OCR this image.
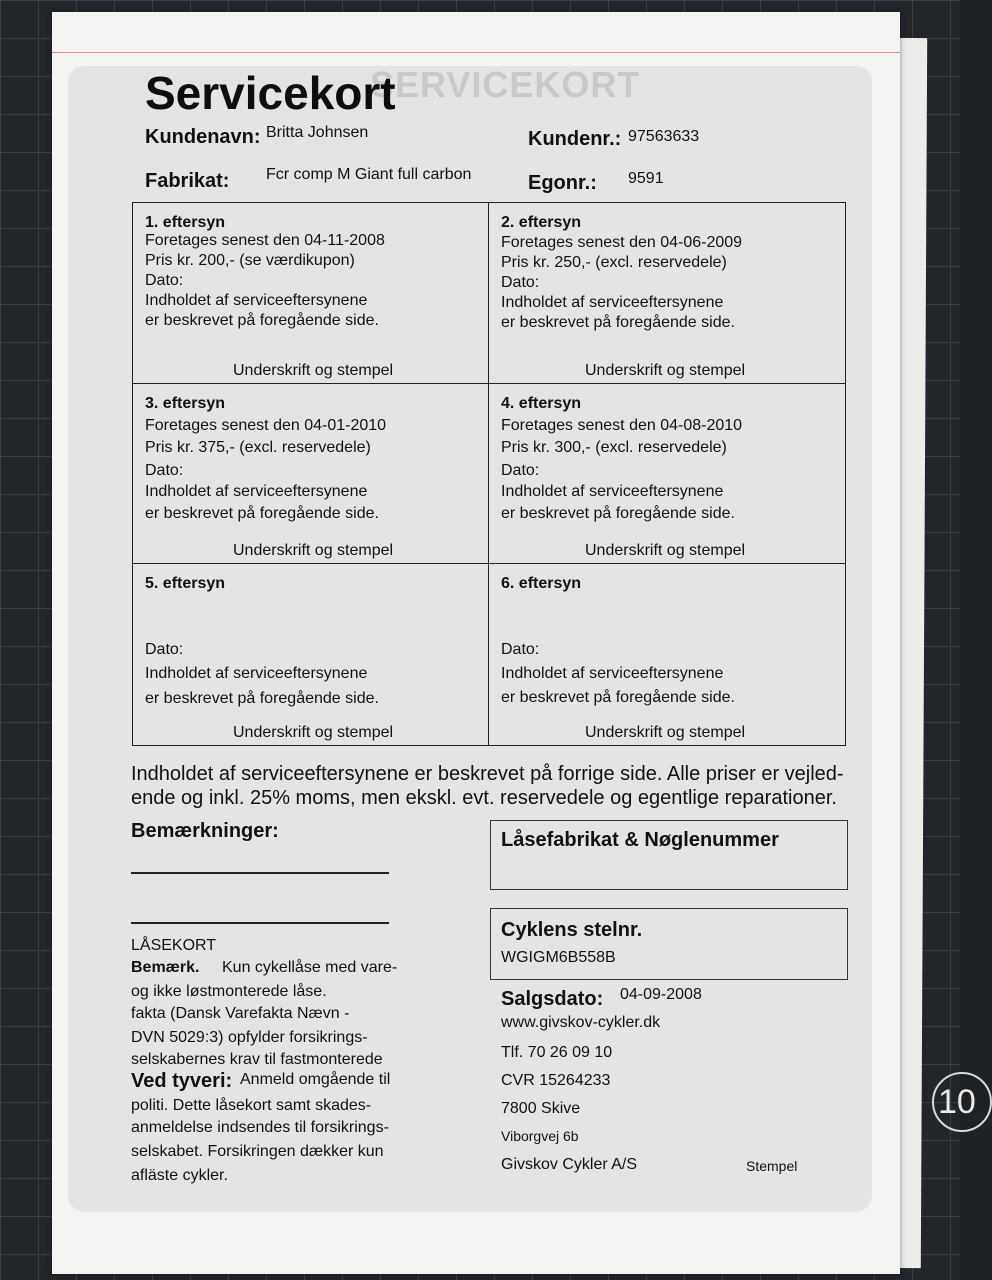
10
SERVICEKORT
Servicekort
Kundenavn: Britta Johnsen	Kundenr.: 97563633
Fabrikat: Fcr comp M Giant full carbon	Egonr.: 9591
1. eftersyn
Foretages senest den 04-11-2008
Pris kr. 200,- (se værdikupon)
Dato:
Indholdet af serviceeftersynene
er beskrevet på foregående side.
Underskrift og stempel
2. eftersyn
Foretages senest den 04-06-2009
Pris kr. 250,- (excl. reservedele)
Dato:
Indholdet af serviceeftersynene
er beskrevet på foregående side.
Underskrift og stempel
3. eftersyn
Foretages senest den 04-01-2010
Pris kr. 375,- (excl. reservedele)
Dato:
Indholdet af serviceeftersynene
er beskrevet på foregående side.
Underskrift og stempel
4. eftersyn
Foretages senest den 04-08-2010
Pris kr. 300,- (excl. reservedele)
Dato:
Indholdet af serviceeftersynene
er beskrevet på foregående side.
Underskrift og stempel
5. eftersyn
Dato:
Indholdet af serviceeftersynene
er beskrevet på foregående side.
Underskrift og stempel
6. eftersyn
Dato:
Indholdet af serviceeftersynene
er beskrevet på foregående side.
Underskrift og stempel
Indholdet af serviceeftersynene er beskrevet på forrige side. Alle priser er vejled-
ende og inkl. 25% moms, men ekskl. evt. reservedele og egentlige reparationer.
Bemærkninger:
LÅSEKORT
Bemærk. Kun cykellåse med vare-
og ikke løstmonterede låse.
fakta (Dansk Varefakta Nævn -
DVN 5029:3) opfylder forsikrings-
selskabernes krav til fastmonterede
Ved tyveri: Anmeld omgående til
politi. Dette låsekort samt skades-
anmeldelse indsendes til forsikrings-
selskabet. Forsikringen dækker kun
afläste cykler.
Låsefabrikat & Nøglenummer
Cyklens stelnr.
WGIGM6B558B
Salgsdato: 04-09-2008
www.givskov-cykler.dk
Tlf. 70 26 09 10
CVR 15264233
7800 Skive
Viborgvej 6b
Givskov Cykler A/S	Stempel
